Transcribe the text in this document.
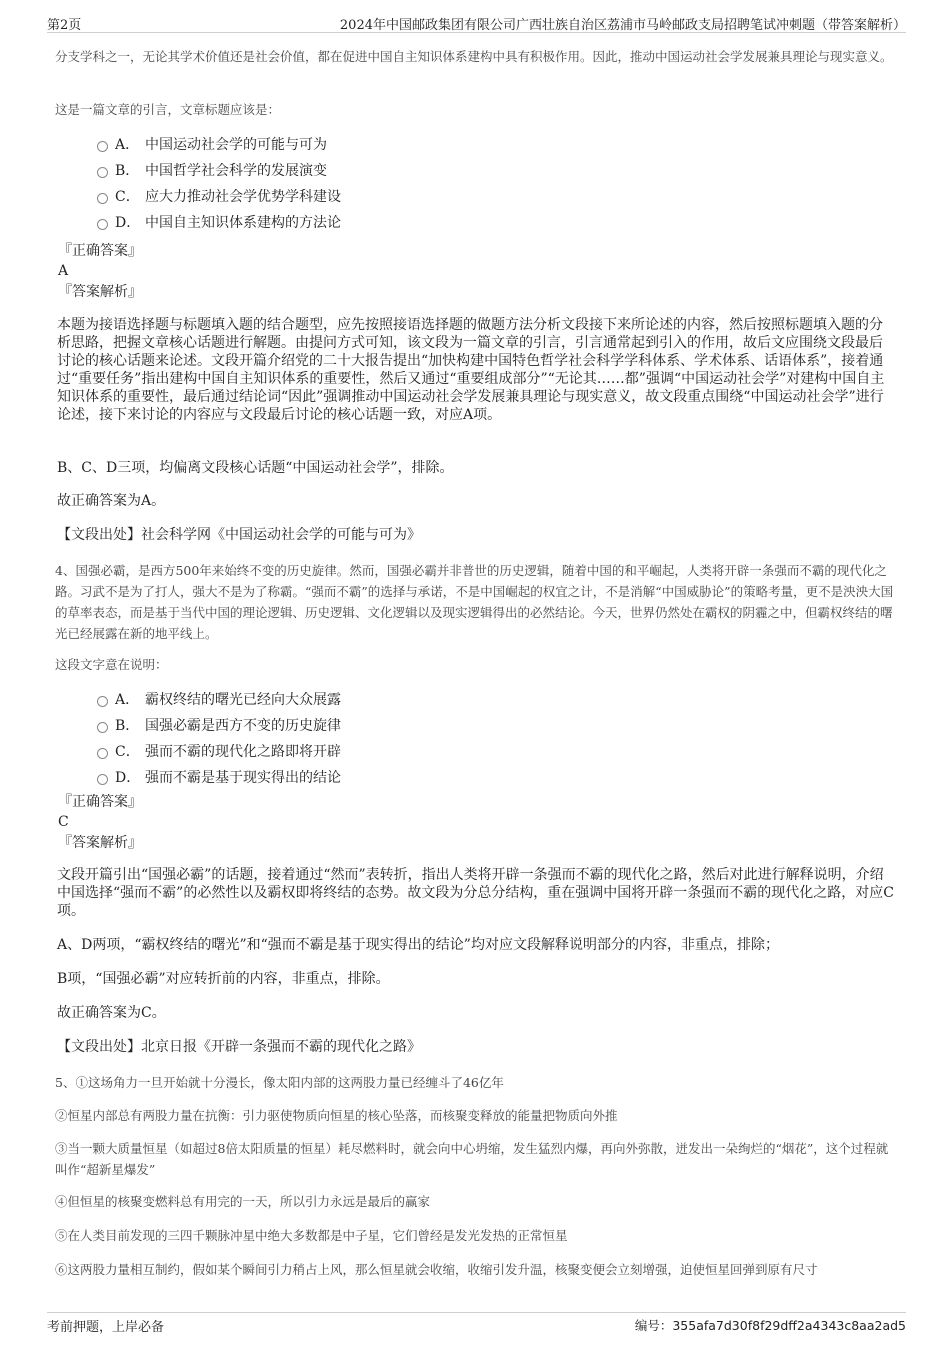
第2页	2024年中国邮政集团有限公司广西壮族自治区荔浦市马岭邮政支局招聘笔试冲刺题（带答案解析）

分支学科之一，无论其学术价值还是社会价值，都在促进中国自主知识体系建构中具有积极作用。因此，推动中国运动社会学发展兼具理论与现实意义。

这是一篇文章的引言，文章标题应该是：

A． 中国运动社会学的可能与可为
B． 中国哲学社会科学的发展演变
C． 应大力推动社会学优势学科建设
D． 中国自主知识体系建构的方法论
『正确答案』
A
『答案解析』

本题为接语选择题与标题填入题的结合题型，应先按照接语选择题的做题方法分析文段接下来所论述的内容，然后按照标题填入题的分析思路，把握文章核心话题进行解题。由提问方式可知，该文段为一篇文章的引言，引言通常起到引入的作用，故后文应围绕文段最后讨论的核心话题来论述。文段开篇介绍党的二十大报告提出“加快构建中国特色哲学社会科学学科体系、学术体系、话语体系”，接着通过“重要任务”指出建构中国自主知识体系的重要性，然后又通过“重要组成部分”“无论其……都”强调“中国运动社会学”对建构中国自主知识体系的重要性，最后通过结论词“因此”强调推动中国运动社会学发展兼具理论与现实意义，故文段重点围绕“中国运动社会学”进行论述，接下来讨论的内容应与文段最后讨论的核心话题一致，对应A项。

B、C、D三项，均偏离文段核心话题“中国运动社会学”，排除。

故正确答案为A。

【文段出处】社会科学网《中国运动社会学的可能与可为》

4、国强必霸，是西方500年来始终不变的历史旋律。然而，国强必霸并非普世的历史逻辑，随着中国的和平崛起，人类将开辟一条强而不霸的现代化之路。习武不是为了打人，强大不是为了称霸。“强而不霸”的选择与承诺，不是中国崛起的权宜之计，不是消解“中国威胁论”的策略考量，更不是泱泱大国的草率表态，而是基于当代中国的理论逻辑、历史逻辑、文化逻辑以及现实逻辑得出的必然结论。今天，世界仍然处在霸权的阴霾之中，但霸权终结的曙光已经展露在新的地平线上。

这段文字意在说明：

A． 霸权终结的曙光已经向大众展露
B． 国强必霸是西方不变的历史旋律
C． 强而不霸的现代化之路即将开辟
D． 强而不霸是基于现实得出的结论
『正确答案』
C
『答案解析』

文段开篇引出“国强必霸”的话题，接着通过“然而”表转折，指出人类将开辟一条强而不霸的现代化之路，然后对此进行解释说明，介绍中国选择“强而不霸”的必然性以及霸权即将终结的态势。故文段为分总分结构，重在强调中国将开辟一条强而不霸的现代化之路，对应C项。

A、D两项，“霸权终结的曙光”和“强而不霸是基于现实得出的结论”均对应文段解释说明部分的内容，非重点，排除；

B项，“国强必霸”对应转折前的内容，非重点，排除。

故正确答案为C。

【文段出处】北京日报《开辟一条强而不霸的现代化之路》

5、①这场角力一旦开始就十分漫长，像太阳内部的这两股力量已经缠斗了46亿年

②恒星内部总有两股力量在抗衡：引力驱使物质向恒星的核心坠落，而核聚变释放的能量把物质向外推

③当一颗大质量恒星（如超过8倍太阳质量的恒星）耗尽燃料时，就会向中心坍缩，发生猛烈内爆，再向外弥散，迸发出一朵绚烂的“烟花”，这个过程就叫作“超新星爆发”

④但恒星的核聚变燃料总有用完的一天，所以引力永远是最后的赢家

⑤在人类目前发现的三四千颗脉冲星中绝大多数都是中子星，它们曾经是发光发热的正常恒星

⑥这两股力量相互制约，假如某个瞬间引力稍占上风，那么恒星就会收缩，收缩引发升温，核聚变便会立刻增强，迫使恒星回弹到原有尺寸

考前押题，上岸必备	编号：355afa7d30f8f29dff2a4343c8aa2ad5
